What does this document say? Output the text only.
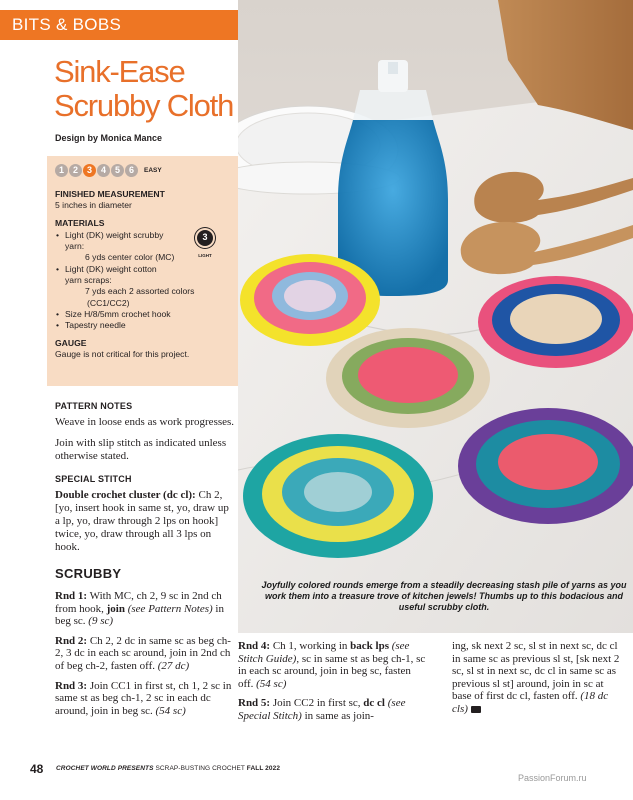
BITS & BOBS
Sink-Ease
Scrubby Cloth
Design by Monica Mance
1 2 3 4 5 6	EASY
FINISHED MEASUREMENT
5 inches in diameter
MATERIALS
3
LIGHT
• Light (DK) weight scrubby
yarn:
6 yds center color (MC)
• Light (DK) weight cotton
yarn scraps:
7 yds each 2 assorted colors
(CC1/CC2)
• Size H/8/5mm crochet hook
• Tapestry needle
GAUGE
Gauge is not critical for this project.
PATTERN NOTES
Weave in loose ends as work progresses.
Join with slip stitch as indicated unless otherwise stated.
SPECIAL STITCH
Double crochet cluster (dc cl): Ch 2, [yo, insert hook in same st, yo, draw up a lp, yo, draw through 2 lps on hook] twice, yo, draw through all 3 lps on hook.
SCRUBBY

Rnd 1: With MC, ch 2, 9 sc in 2nd ch from hook, join (see Pattern Notes) in beg sc. (9 sc)

Rnd 2: Ch 2, 2 dc in same sc as beg ch-2, 3 dc in each sc around, join in 2nd ch of beg ch-2, fasten off. (27 dc)

Rnd 3: Join CC1 in first st, ch 1, 2 sc in same st as beg ch-1, 2 sc in each dc around, join in beg sc. (54 sc)

Rnd 4: Ch 1, working in back lps (see Stitch Guide), sc in same st as beg ch-1, sc in each sc around, join in beg sc, fasten off. (54 sc)

Rnd 5: Join CC2 in first sc, dc cl (see Special Stitch) in same as join-

ing, sk next 2 sc, sl st in next sc, dc cl in same sc as previous sl st, [sk next 2 sc, sl st in next sc, dc cl in same sc as previous sl st] around, join in sc at base of first dc cl, fasten off. (18 dc cls)

Joyfully colored rounds emerge from a steadily decreasing stash pile of yarns as you work them into a treasure trove of kitchen jewels! Thumbs up to this bodacious and useful scrubby cloth.
48 CROCHET WORLD PRESENTS SCRAP-BUSTING CROCHET FALL 2022
PassionForum.ru
